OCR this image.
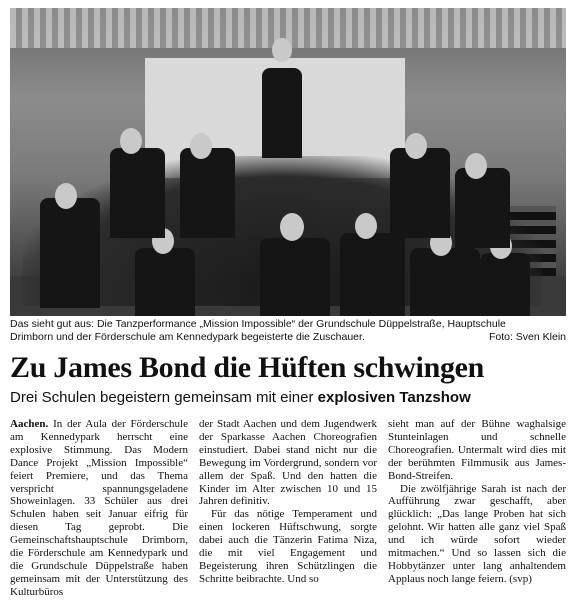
Das sieht gut aus: Die Tanzperformance „Mission Impossible“ der Grundschule Düppelstraße, Hauptschule
Drimborn und der Förderschule am Kennedypark begeisterte die Zuschauer.	Foto: Sven Klein
Zu James Bond die Hüften schwingen
Drei Schulen begeistern gemeinsam mit einer explosiven Tanzshow

Aachen. In der Aula der Förderschule am Kennedypark herrscht eine explosive Stimmung. Das Modern Dance Projekt „Mission Impossible“ feiert Premiere, und das Thema verspricht spannungsgeladene Showeinlagen. 33 Schüler aus drei Schulen haben seit Januar eifrig für diesen Tag geprobt. Die Gemeinschaftshauptschule Drimborn, die Förderschule am Kennedypark und die Grundschule Düppelstraße haben gemeinsam mit der Unterstützung des Kulturbüros

der Stadt Aachen und dem Jugendwerk der Sparkasse Aachen Choreografien einstudiert. Dabei stand nicht nur die Bewegung im Vordergrund, sondern vor allem der Spaß. Und den hatten die Kinder im Alter zwischen 10 und 15 Jahren definitiv.

Für das nötige Temperament und einen lockeren Hüftschwung, sorgte dabei auch die Tänzerin Fatima Niza, die mit viel Engagement und Begeisterung ihren Schützlingen die Schritte beibrachte. Und so

sieht man auf der Bühne waghalsige Stunteinlagen und schnelle Choreografien. Untermalt wird dies mit der berühmten Filmmusik aus James-Bond-Streifen.

Die zwölfjährige Sarah ist nach der Aufführung zwar geschafft, aber glücklich: „Das lange Proben hat sich gelohnt. Wir hatten alle ganz viel Spaß und ich würde sofort wieder mitmachen.“ Und so lassen sich die Hobbytänzer unter lang anhaltendem Applaus noch lange feiern. (svp)
